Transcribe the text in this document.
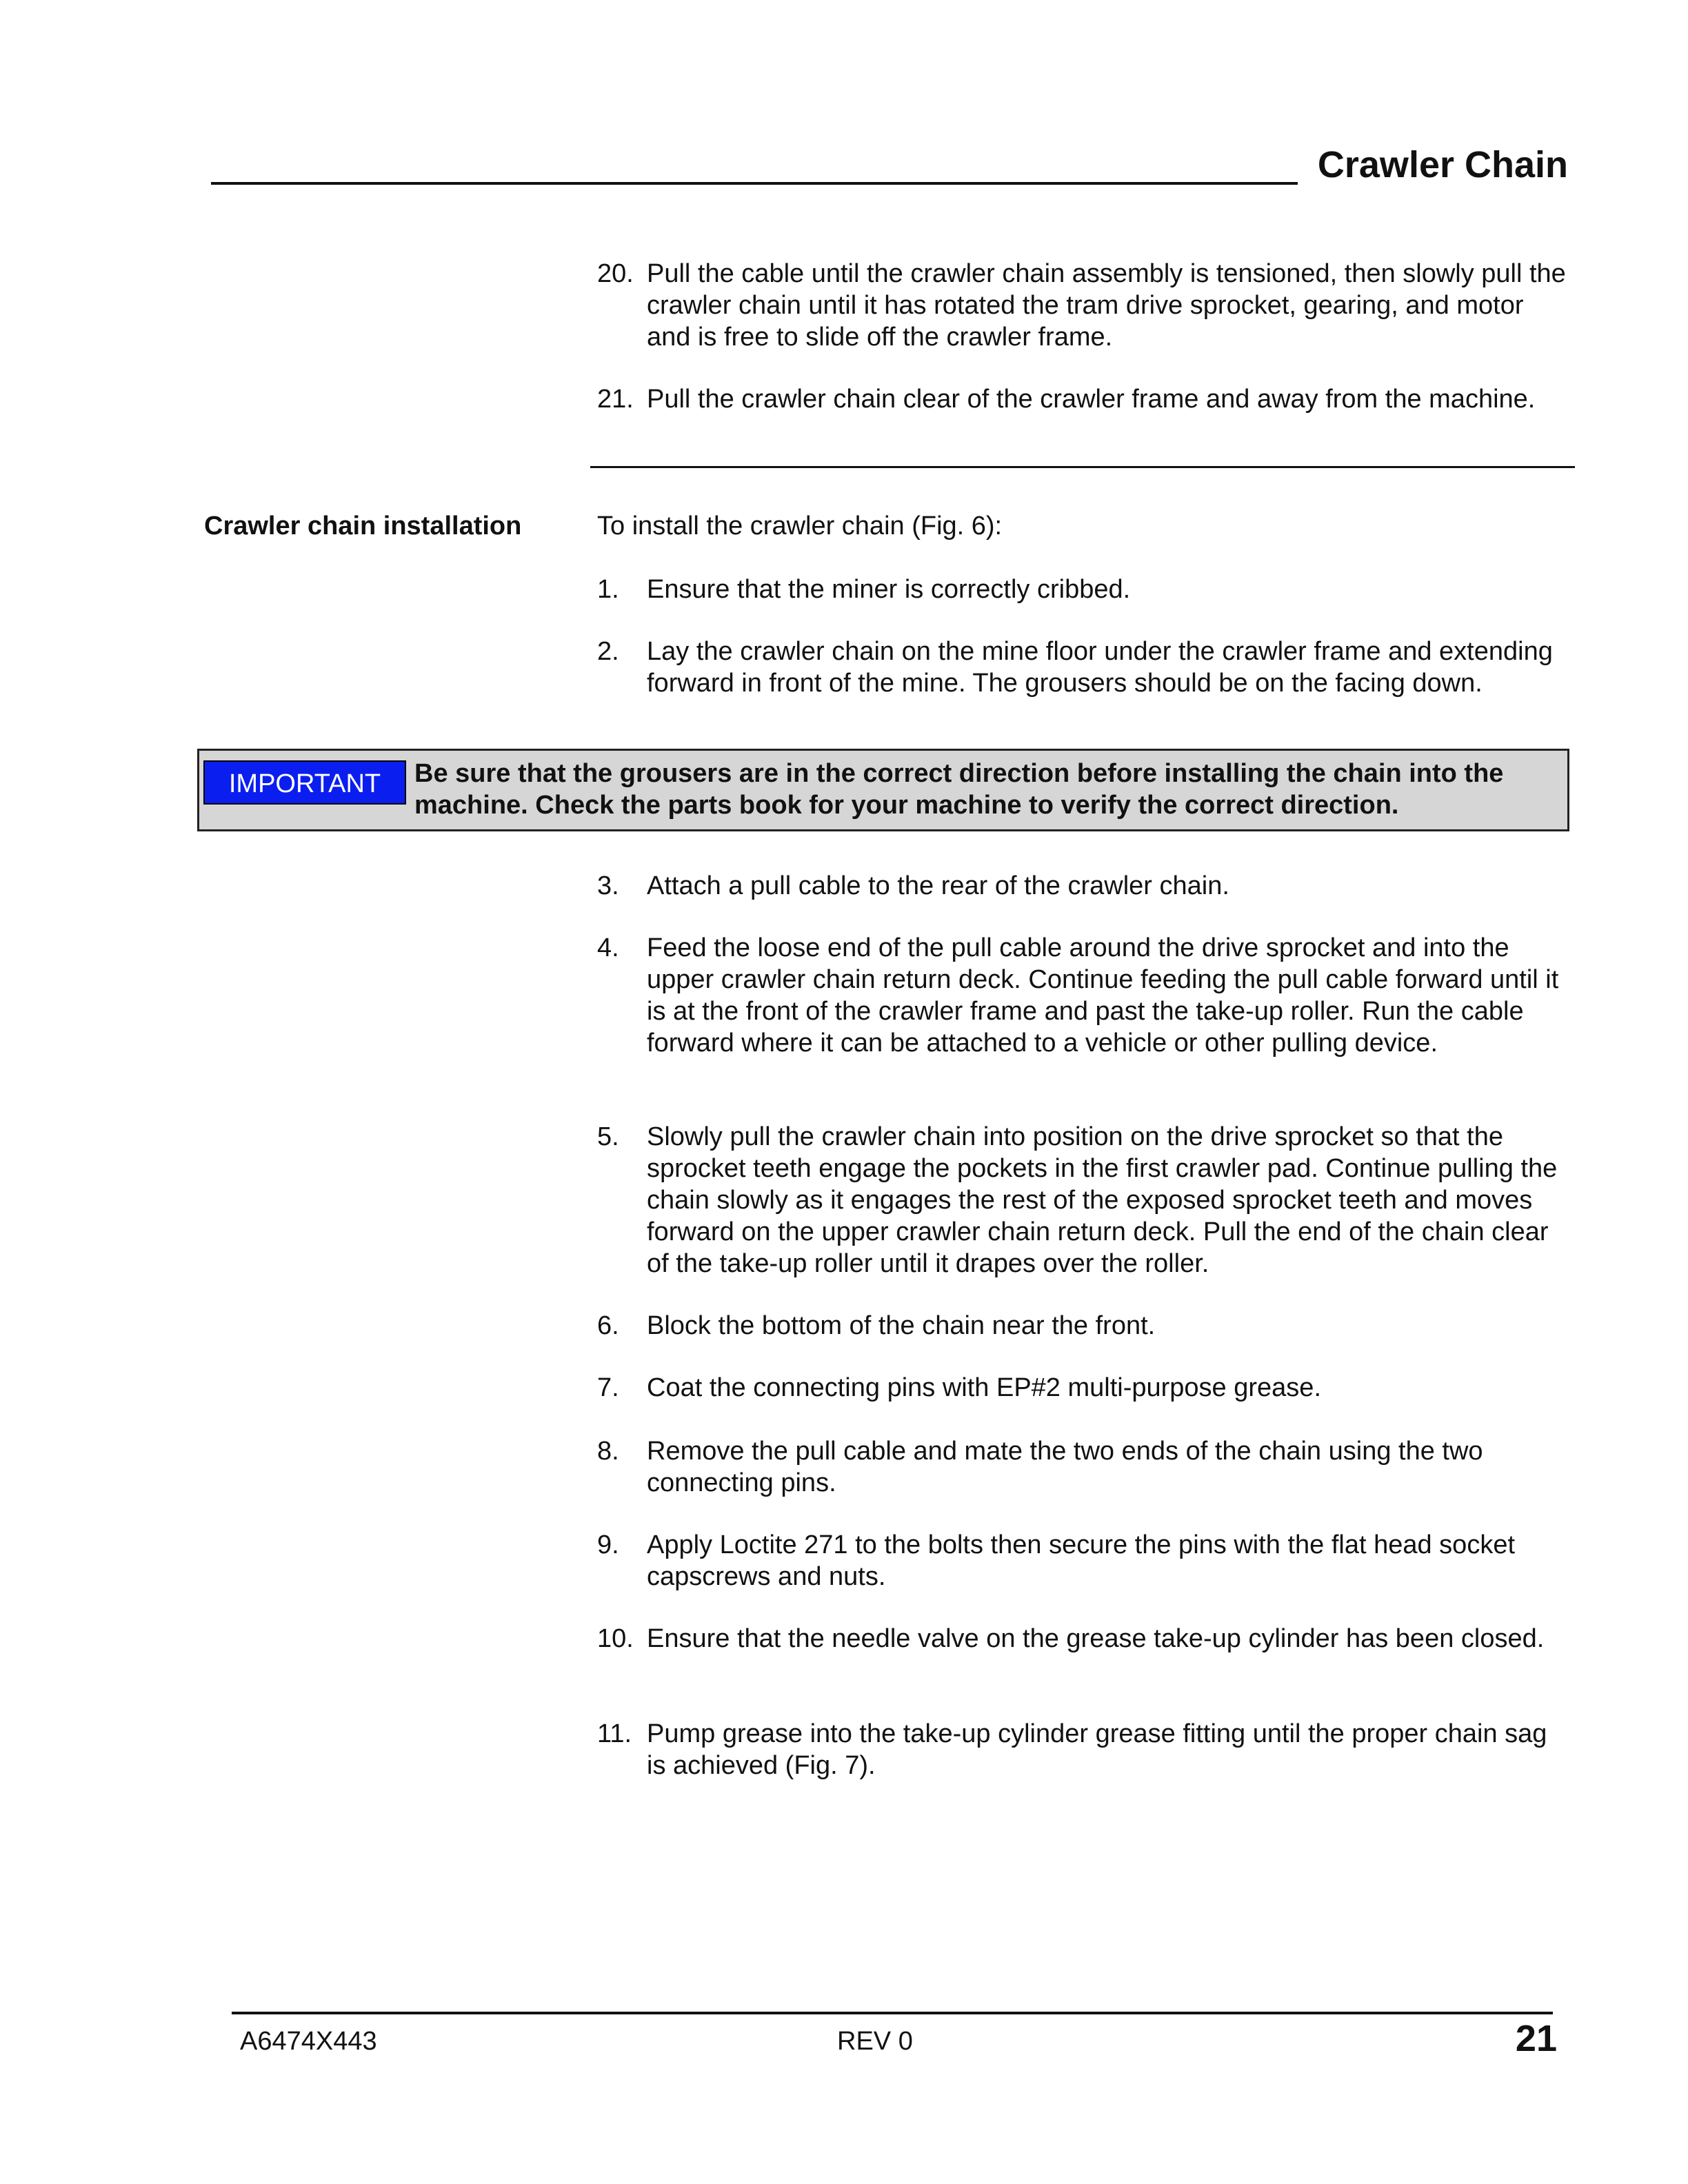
Crawler Chain
20. Pull the cable until the crawler chain assembly is tensioned, then slowly pull the crawler chain until it has rotated the tram drive sprocket, gearing, and motor and is free to slide off the crawler frame.
21. Pull the crawler chain clear of the crawler frame and away from the machine.
Crawler chain installation	To install the crawler chain (Fig. 6):
1. Ensure that the miner is correctly cribbed.
2. Lay the crawler chain on the mine floor under the crawler frame and extending forward in front of the mine. The grousers should be on the facing down.
IMPORTANT	Be sure that the grousers are in the correct direction before installing the chain into the machine. Check the parts book for your machine to verify the correct direction.
3. Attach a pull cable to the rear of the crawler chain.
4. Feed the loose end of the pull cable around the drive sprocket and into the upper crawler chain return deck. Continue feeding the pull cable forward until it is at the front of the crawler frame and past the take-up roller. Run the cable forward where it can be attached to a vehicle or other pulling device.
5. Slowly pull the crawler chain into position on the drive sprocket so that the sprocket teeth engage the pockets in the first crawler pad. Continue pulling the chain slowly as it engages the rest of the exposed sprocket teeth and moves forward on the upper crawler chain return deck. Pull the end of the chain clear of the take-up roller until it drapes over the roller.
6. Block the bottom of the chain near the front.
7. Coat the connecting pins with EP#2 multi-purpose grease.
8. Remove the pull cable and mate the two ends of the chain using the two connecting pins.
9. Apply Loctite 271 to the bolts then secure the pins with the flat head socket capscrews and nuts.
10. Ensure that the needle valve on the grease take-up cylinder has been closed.
11. Pump grease into the take-up cylinder grease fitting until the proper chain sag is achieved (Fig. 7).
A6474X443	REV 0	21
